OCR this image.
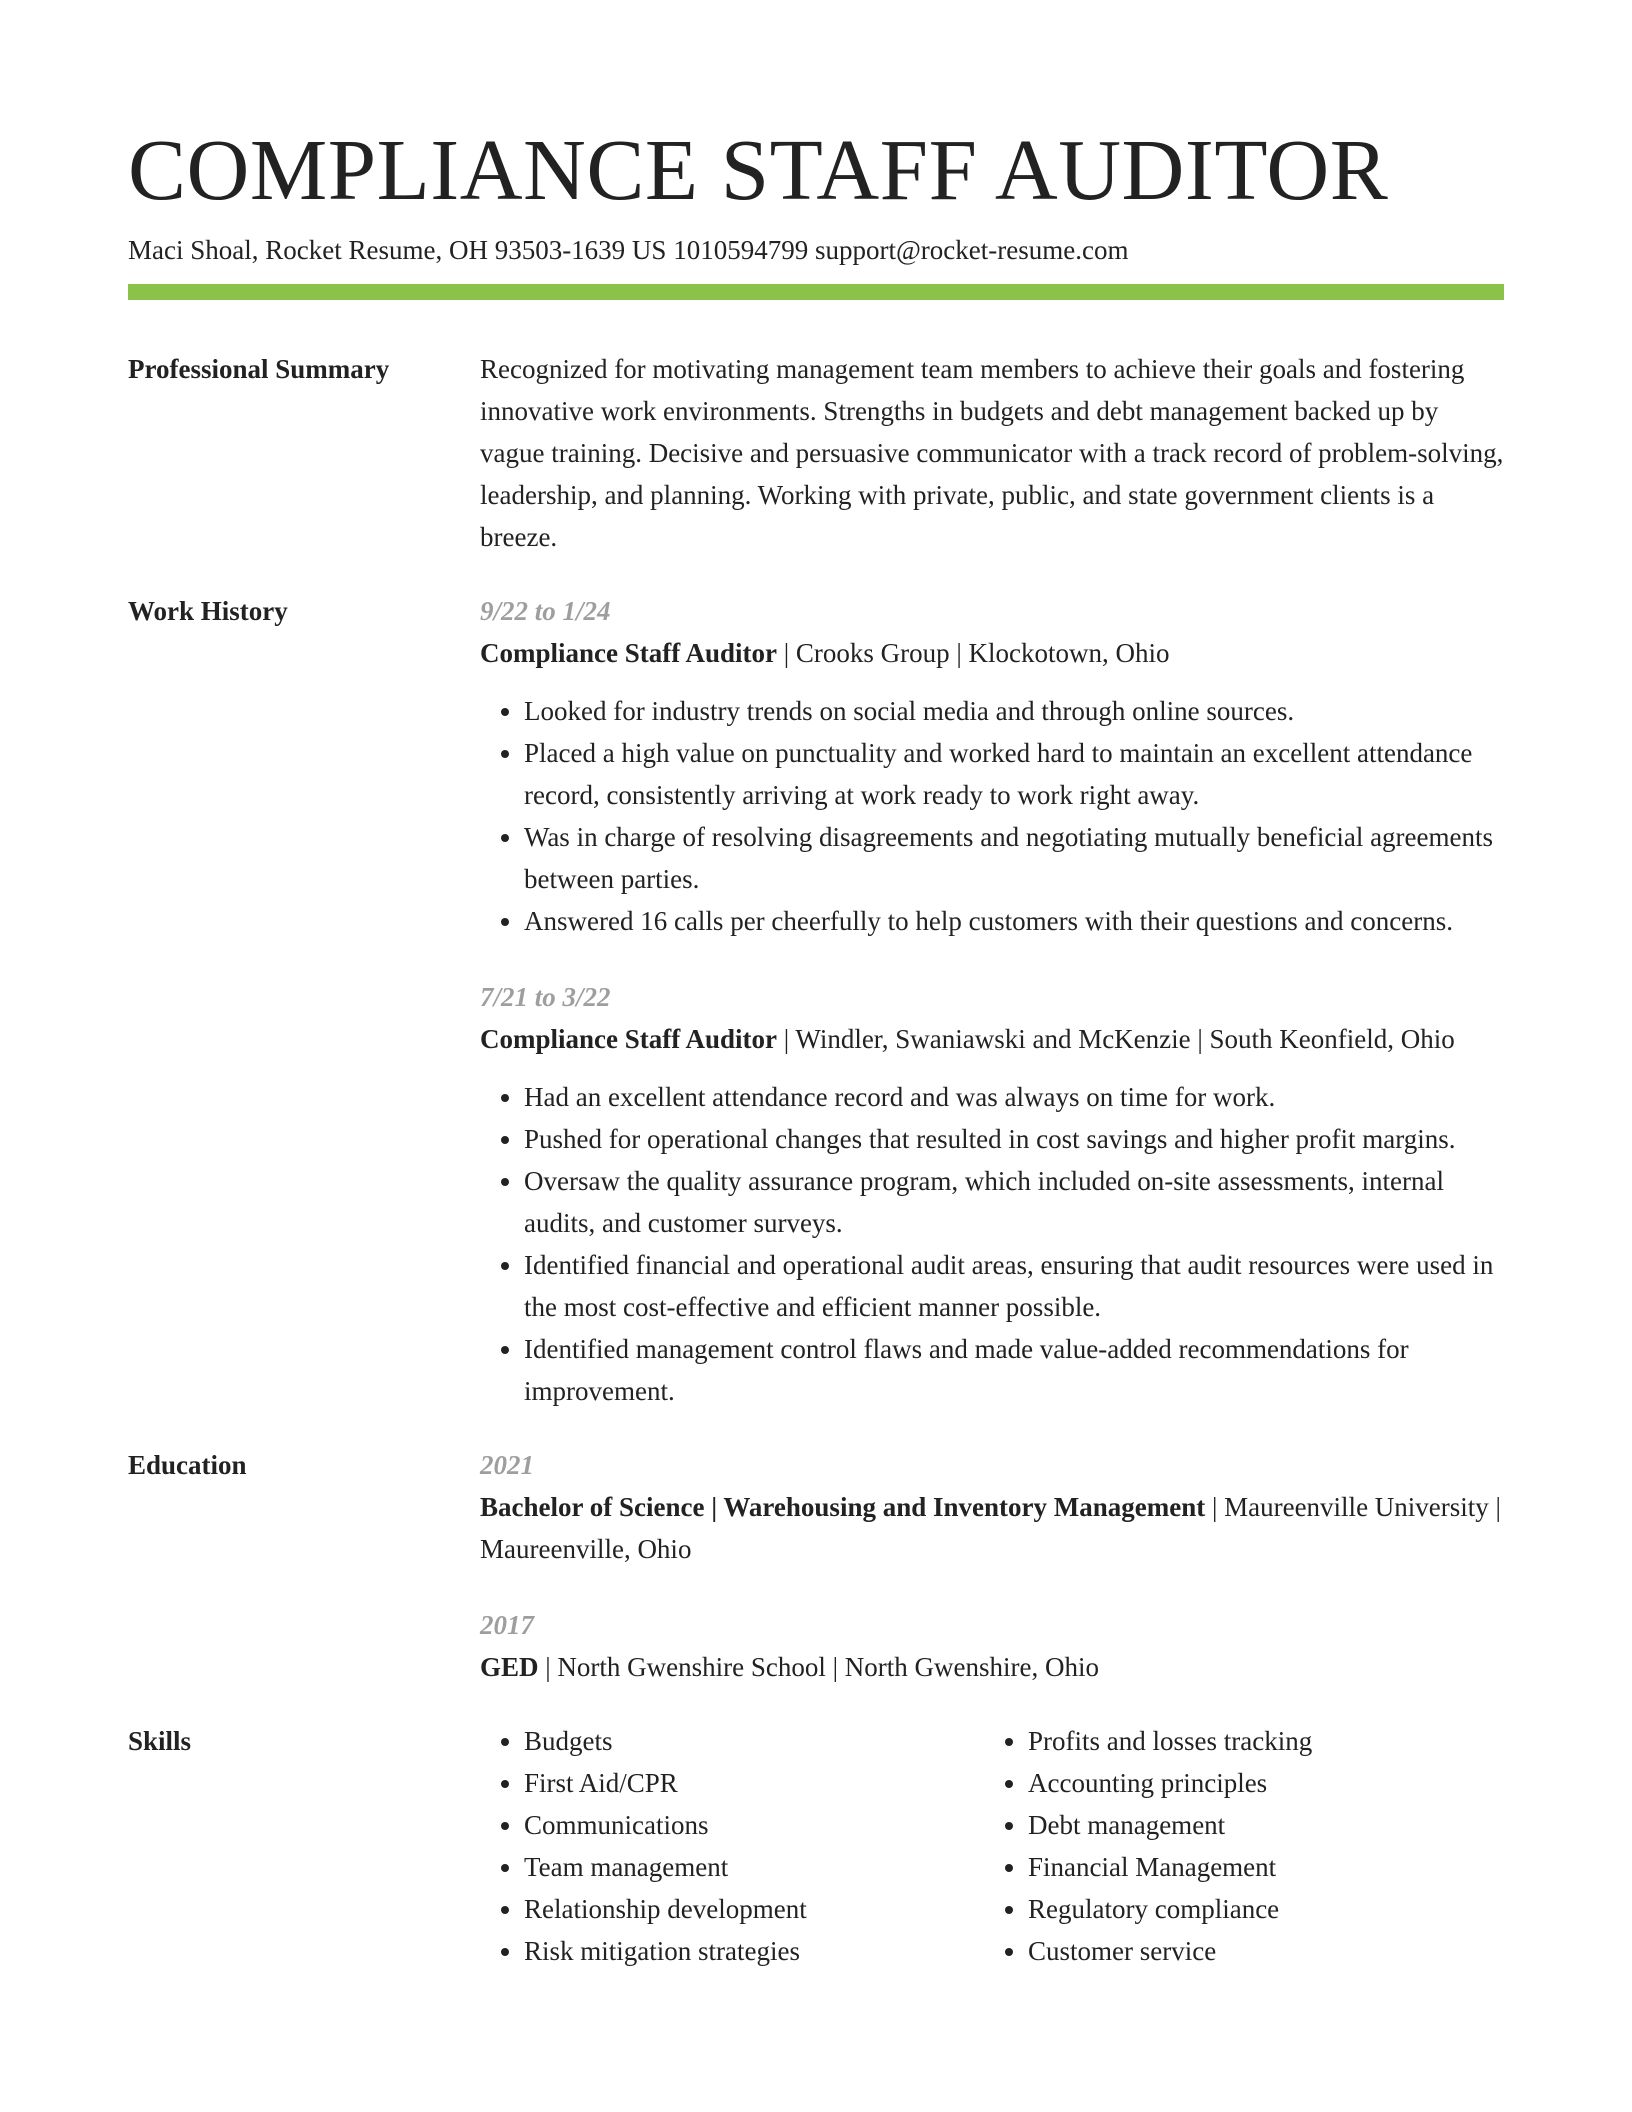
COMPLIANCE STAFF AUDITOR
Maci Shoal, Rocket Resume, OH 93503-1639 US 1010594799 support@rocket-resume.com
Professional Summary	Recognized for motivating management team members to achieve their goals and fostering innovative work environments. Strengths in budgets and debt management backed up by vague training. Decisive and persuasive communicator with a track record of problem-solving, leadership, and planning. Working with private, public, and state government clients is a breeze.
Work History	9/22 to 1/24
Compliance Staff Auditor | Crooks Group | Klockotown, Ohio
• Looked for industry trends on social media and through online sources.
• Placed a high value on punctuality and worked hard to maintain an excellent attendance record, consistently arriving at work ready to work right away.
• Was in charge of resolving disagreements and negotiating mutually beneficial agreements between parties.
• Answered 16 calls per cheerfully to help customers with their questions and concerns.
7/21 to 3/22
Compliance Staff Auditor | Windler, Swaniawski and McKenzie | South Keonfield, Ohio
• Had an excellent attendance record and was always on time for work.
• Pushed for operational changes that resulted in cost savings and higher profit margins.
• Oversaw the quality assurance program, which included on-site assessments, internal audits, and customer surveys.
• Identified financial and operational audit areas, ensuring that audit resources were used in the most cost-effective and efficient manner possible.
• Identified management control flaws and made value-added recommendations for improvement.
Education	2021
Bachelor of Science | Warehousing and Inventory Management | Maureenville University | Maureenville, Ohio
2017
GED | North Gwenshire School | North Gwenshire, Ohio
Skills
•	Budgets
• First Aid/CPR
• Communications
• Team management
• Relationship development
• Risk mitigation strategies
• Profits and losses tracking
• Accounting principles
• Debt management
• Financial Management
• Regulatory compliance
• Customer service
